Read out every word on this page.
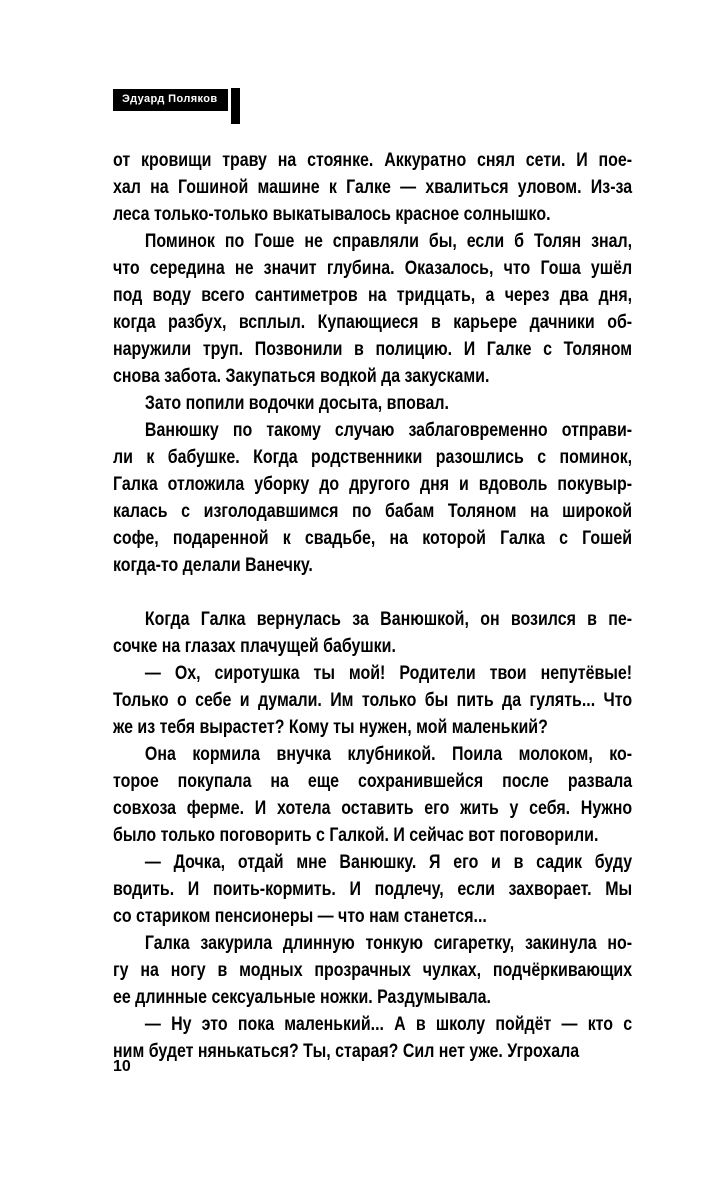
Эдуард Поляков
от кровищи траву на стоянке. Аккуратно снял сети. И пое-
хал на Гошиной машине к Галке — хвалиться уловом. Из-за
леса только-только выкатывалось красное солнышко.
Поминок по Гоше не справляли бы, если б Толян знал,
что середина не значит глубина. Оказалось, что Гоша ушёл
под воду всего сантиметров на тридцать, а через два дня,
когда разбух, всплыл. Купающиеся в карьере дачники об-
наружили труп. Позвонили в полицию. И Галке с Толяном
снова забота. Закупаться водкой да закусками.
Зато попили водочки досыта, вповал.
Ванюшку по такому случаю заблаговременно отправи-
ли к бабушке. Когда родственники разошлись с поминок,
Галка отложила уборку до другого дня и вдоволь покувыр-
калась с изголодавшимся по бабам Толяном на широкой
софе, подаренной к свадьбе, на которой Галка с Гошей
когда-то делали Ванечку.
Когда Галка вернулась за Ванюшкой, он возился в пе-
сочке на глазах плачущей бабушки.
— Ох, сиротушка ты мой! Родители твои непутёвые!
Только о себе и думали. Им только бы пить да гулять... Что
же из тебя вырастет? Кому ты нужен, мой маленький?
Она кормила внучка клубникой. Поила молоком, ко-
торое покупала на еще сохранившейся после развала
совхоза ферме. И хотела оставить его жить у себя. Нужно
было только поговорить с Галкой. И сейчас вот поговорили.
— Дочка, отдай мне Ванюшку. Я его и в садик буду
водить. И поить-кормить. И подлечу, если захворает. Мы
со стариком пенсионеры — что нам станется...
Галка закурила длинную тонкую сигаретку, закинула но-
гу на ногу в модных прозрачных чулках, подчёркивающих
ее длинные сексуальные ножки. Раздумывала.
— Ну это пока маленький... А в школу пойдёт — кто с
ним будет нянькаться? Ты, старая? Сил нет уже. Угрохала
10
